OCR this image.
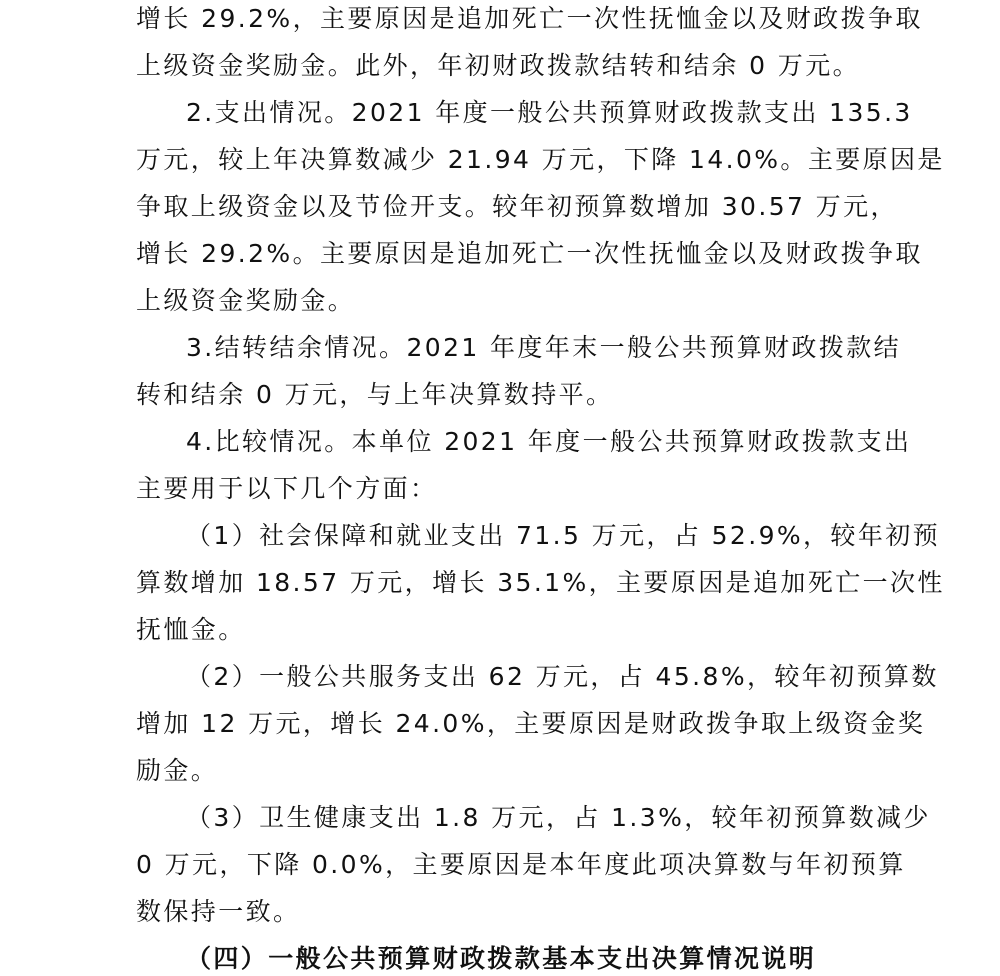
增长 29.2%，主要原因是追加死亡一次性抚恤金以及财政拨争取

上级资金奖励金。此外，年初财政拨款结转和结余 0 万元。

2.支出情况。2021 年度一般公共预算财政拨款支出 135.3

万元，较上年决算数减少 21.94 万元，下降 14.0%。主要原因是

争取上级资金以及节俭开支。较年初预算数增加 30.57 万元，

增长 29.2%。主要原因是追加死亡一次性抚恤金以及财政拨争取

上级资金奖励金。

3.结转结余情况。2021 年度年末一般公共预算财政拨款结

转和结余 0 万元，与上年决算数持平。

4.比较情况。本单位 2021 年度一般公共预算财政拨款支出

主要用于以下几个方面：

（1）社会保障和就业支出 71.5 万元，占 52.9%，较年初预

算数增加 18.57 万元，增长 35.1%，主要原因是追加死亡一次性

抚恤金。

（2）一般公共服务支出 62 万元，占 45.8%，较年初预算数

增加 12 万元，增长 24.0%，主要原因是财政拨争取上级资金奖

励金。

（3）卫生健康支出 1.8 万元，占 1.3%，较年初预算数减少

0 万元，下降 0.0%，主要原因是本年度此项决算数与年初预算

数保持一致。

（四）一般公共预算财政拨款基本支出决算情况说明
